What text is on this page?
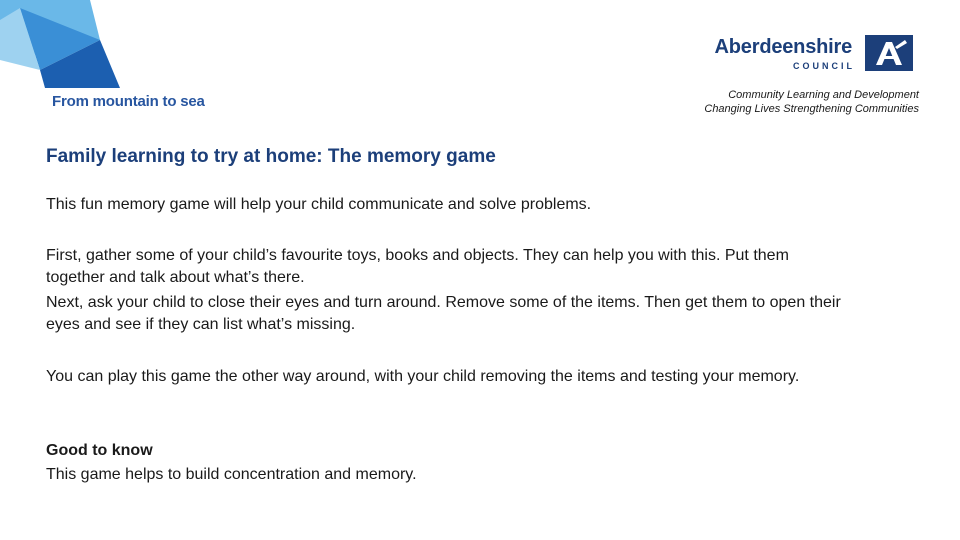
From mountain to sea
Aberdeenshire
COUNCIL
Community Learning and Development
Changing Lives Strengthening Communities
Family learning to try at home: The memory game
This fun memory game will help your child communicate and solve problems.
First, gather some of your child’s favourite toys, books and objects. They can help you with this. Put them together and talk about what’s there.
Next, ask your child to close their eyes and turn around. Remove some of the items. Then get them to open their eyes and see if they can list what’s missing.
You can play this game the other way around, with your child removing the items and testing your memory.
Good to know
This game helps to build concentration and memory.
